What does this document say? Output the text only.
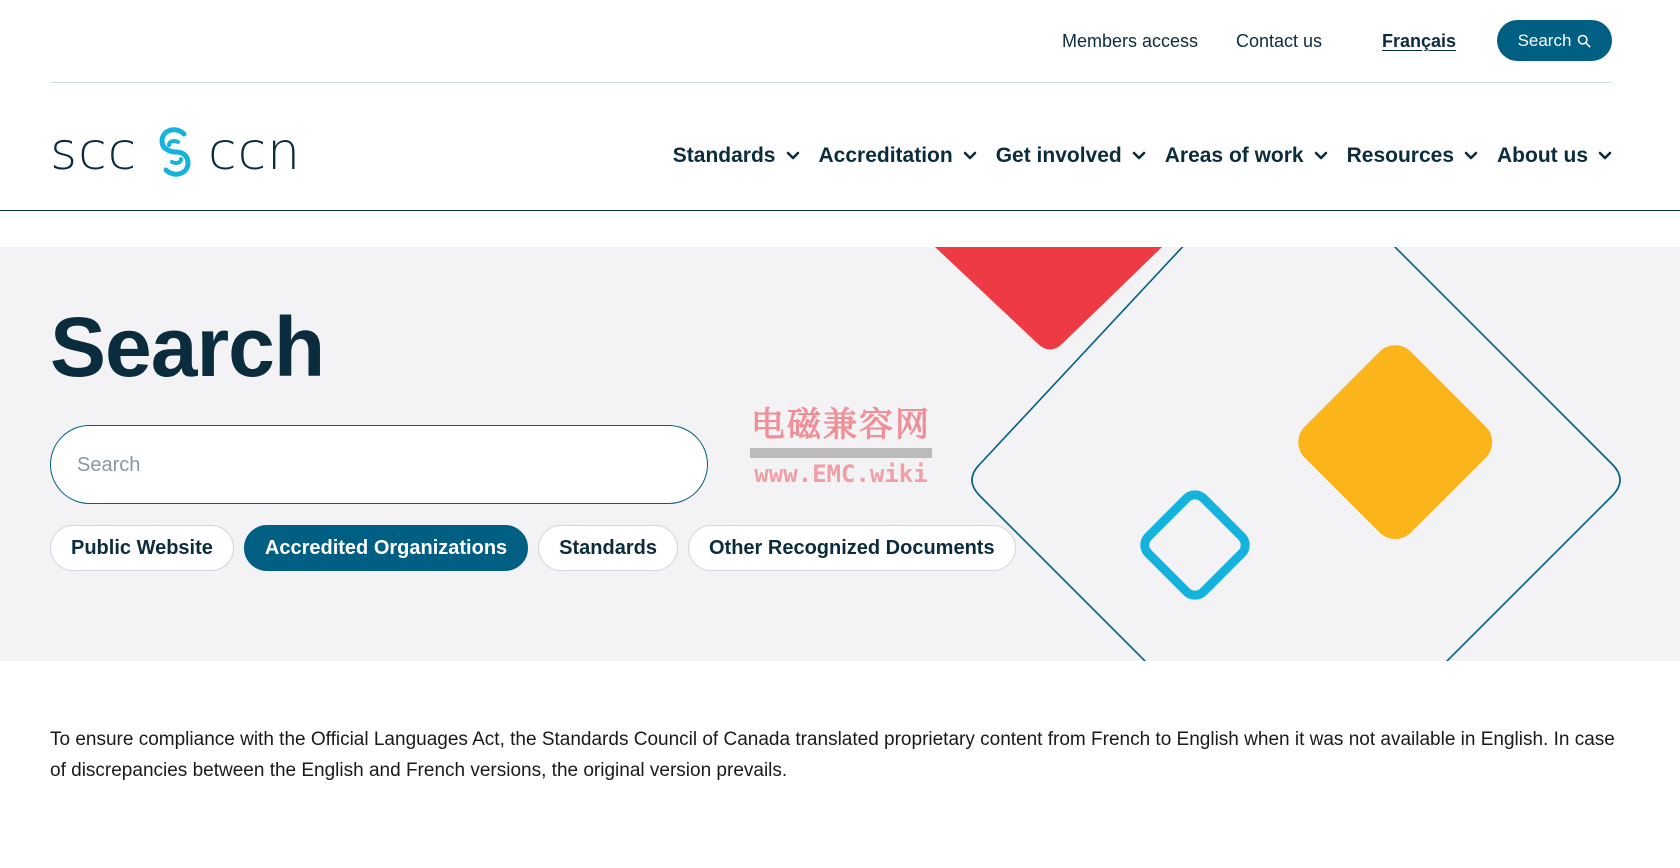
Members access Contact us	Français	Search
scc ccn	Standards Accreditation Get involved Areas of work Resources About us
Search
Search
Public Website	Accredited Organizations	Standards	Other Recognized Documents
电磁兼容网
www.EMC.wiki

To ensure compliance with the Official Languages Act, the Standards Council of Canada translated proprietary content from French to English when it was not available in English. In case of discrepancies between the English and French versions, the original version prevails.
